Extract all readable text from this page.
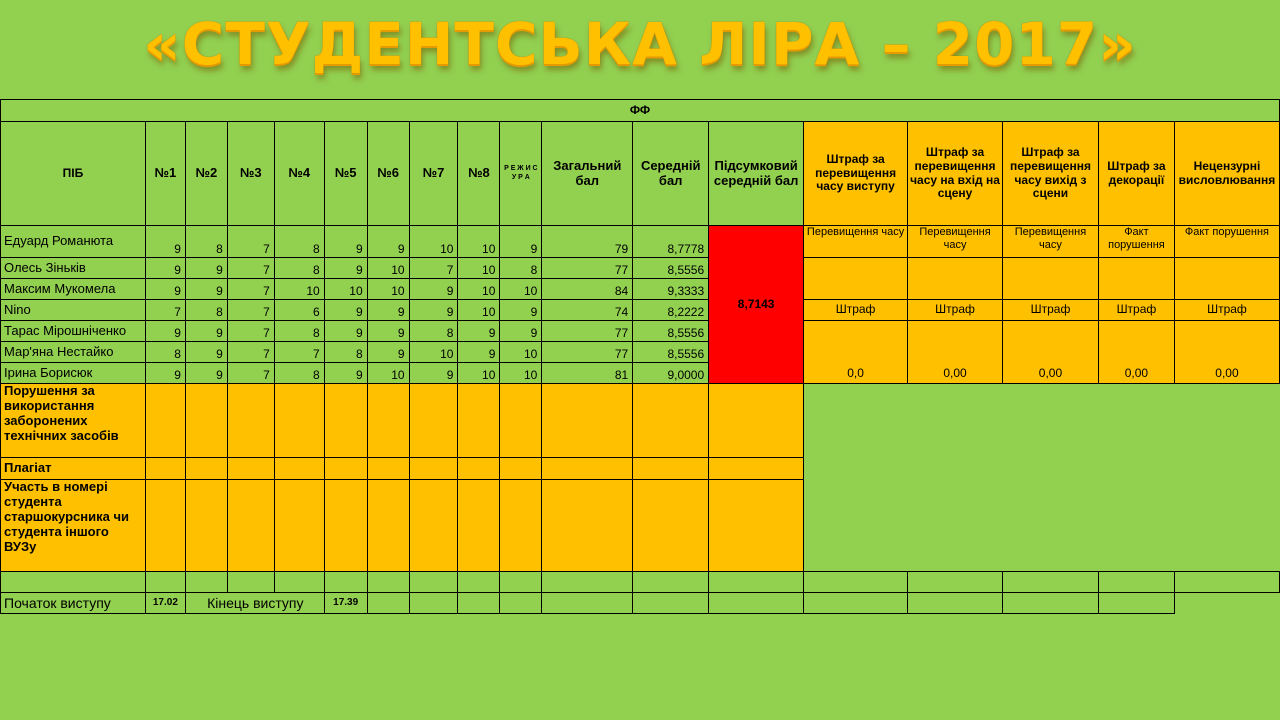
«СТУДЕНТСЬКА ЛІРА – 2017»
ФФ																	
ПІБ	№1	№2	№3	№4	№5	№6	№7	№8	Р Е Ж И С У Р А	Загальний бал	Середній бал	Підсумковий середній бал	Штраф за перевищення часу виступу	Штраф за перевищення часу на вхід на сцену	Штраф за перевищення часу вихід з сцени	Штраф за декорації	Нецензурні висловлювання
Едуард Романюта	9	8	7	8	9	9	10	10	9	79	8,7778	8,7143	Перевищення часу	Перевищення часу	Перевищення часу	Факт порушення	Факт порушення
Олесь Зіньків	9	9	7	8	9	10	7	10	8	77	8,5556						
Максим Мукомела	9	9	7	10	10	10	9	10	10	84	9,3333						
Nino	7	8	7	6	9	9	9	10	9	74	8,2222		Штраф	Штраф	Штраф	Штраф	Штраф
Тарас Мірошніченко	9	9	7	8	9	9	8	9	9	77	8,5556		0,0	0,00	0,00	0,00	0,00
Мар'яна Нестайко	8	9	7	7	8	9	10	9	10	77	8,5556						
Ірина Борисюк	9	9	7	8	9	10	9	10	10	81	9,0000						
Порушення за використання заборонених технічних засобів																	
Плагіат																	
Участь в номері студента старшокурсника чи студента іншого ВУЗу																	

Початок виступу	17.02	Кінець виступу			17.39												
